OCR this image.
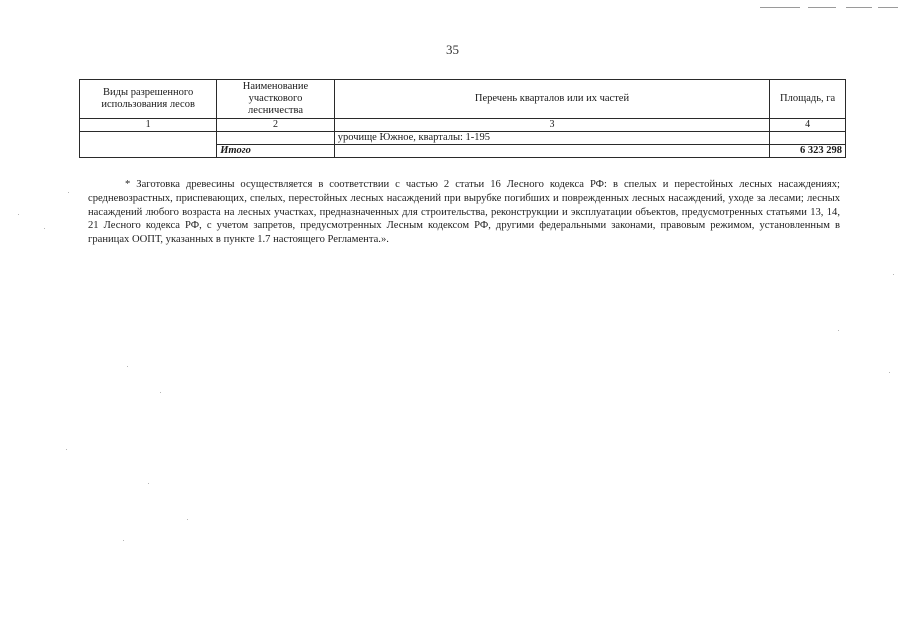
35
Виды разрешенного использования лесов	Наименование участкового лесничества	Перечень кварталов или их частей	Площадь, га
1	2	3	4
		урочище Южное, кварталы: 1-195	
	Итого		6 323 298

* Заготовка древесины осуществляется в соответствии с частью 2 статьи 16 Лесного кодекса РФ: в спелых и перестойных лесных насаждениях; средневозрастных, приспевающих, спелых, перестойных лесных насаждений при вырубке погибших и поврежденных лесных насаждений, уходе за лесами; лесных насаждений любого возраста на лесных участках, предназначенных для строительства, реконструкции и эксплуатации объектов, предусмотренных статьями 13, 14, 21 Лесного кодекса РФ, с учетом запретов, предусмотренных Лесным кодексом РФ, другими федеральными законами, правовым режимом, установленным в границах ООПТ, указанных в пункте 1.7 настоящего Регламента.».
